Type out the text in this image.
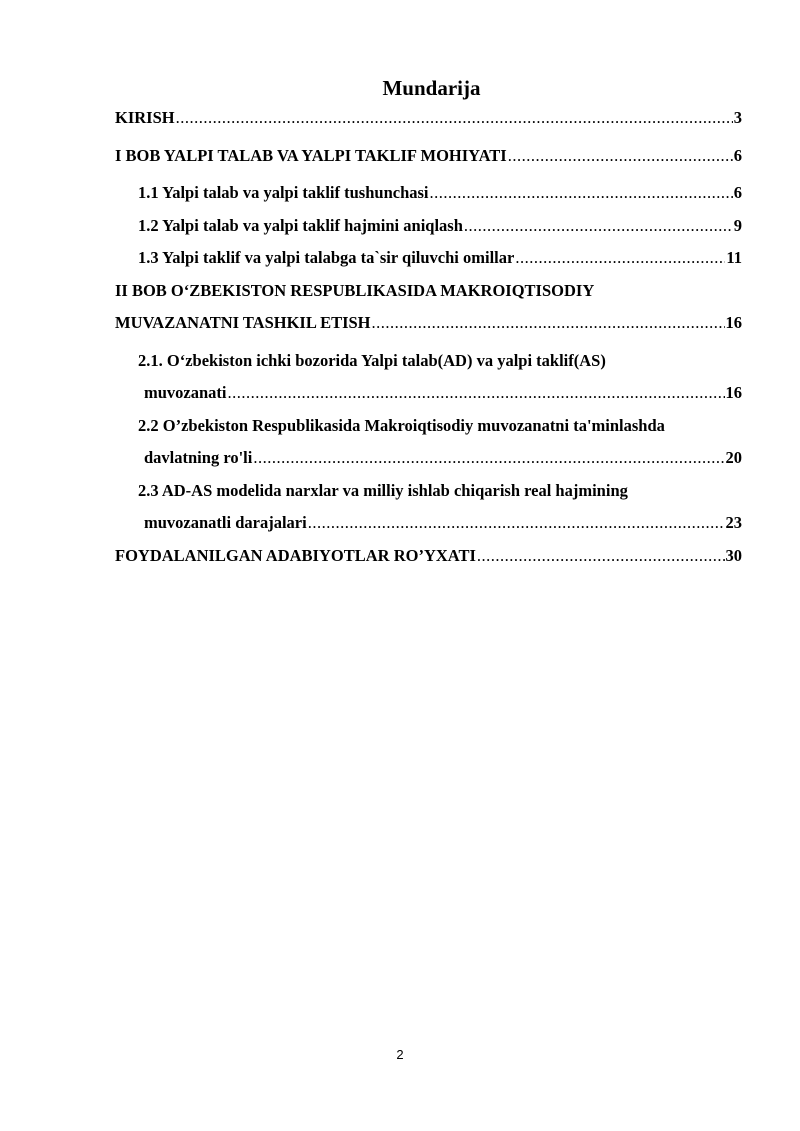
Mundarija
KIRISH .....	3
I BOB YALPI TALAB VA YALPI TAKLIF MOHIYATI .....	6
1.1 Yalpi talab va yalpi taklif tushunchasi .....	6
1.2 Yalpi talab va yalpi taklif hajmini aniqlash .....	9
1.3 Yalpi taklif va yalpi talabga ta`sir qiluvchi omillar .....	11
II BOB O‘ZBEKISTON RESPUBLIKASIDA MAKROIQTISODIY
MUVAZANATNI TASHKIL ETISH .....	16
2.1. O‘zbekiston ichki bozorida Yalpi talab(AD) va yalpi taklif(AS)
muvozanati .....	16
2.2 O’zbekiston Respublikasida Makroiqtisodiy muvozanatni ta'minlashda
davlatning ro'li .....	20
2.3 AD-AS modelida narxlar va milliy ishlab chiqarish real hajmining
muvozanatli darajalari .....	23
FOYDALANILGAN ADABIYOTLAR RO’YXATI .....	30
2
